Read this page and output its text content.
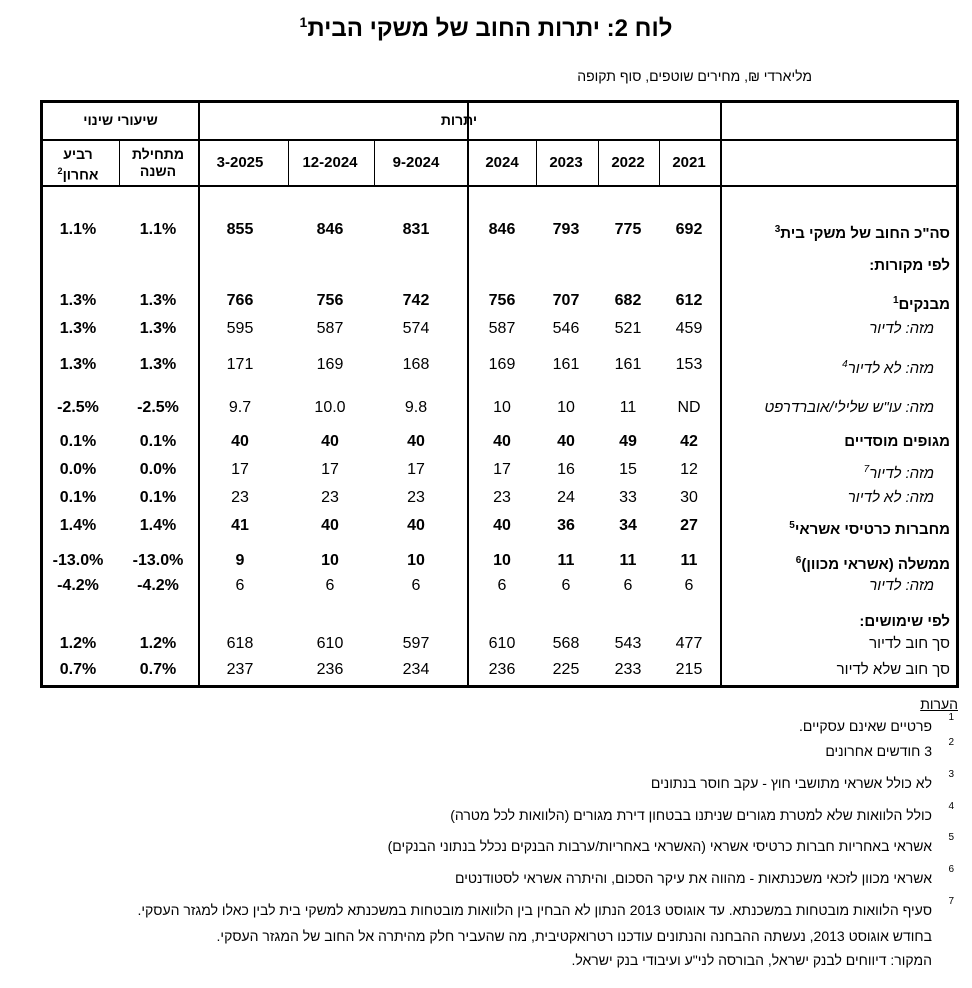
לוח 2: יתרות החוב של משקי הבית$^1$
מליארדי ₪, מחירים שוטפים, סוף תקופה
יתרות
שיעורי שינוי
2021
2022
2023
2024
9-2024
12-2024
3-2025
מתחילת השנה
רביע אחרון$^2$
סה"כ החוב של משקי בית$^3$
692
775
793
846
831
846
855
1.1%
1.1%
לפי מקורות:
מבנקים$^1$
612
682
707
756
742
756
766
1.3%
1.3%
מזה: לדיור
459
521
546
587
574
587
595
1.3%
1.3%
מזה: לא לדיור$^4$
153
161
161
169
168
169
171
1.3%
1.3%
מזה: עו"ש שלילי/אוברדרפט
ND
11
10
10
9.8
10.0
9.7
-2.5%
-2.5%
מגופים מוסדיים
42
49
40
40
40
40
40
0.1%
0.1%
מזה: לדיור$^7$
12
15
16
17
17
17
17
0.0%
0.0%
מזה: לא לדיור
30
33
24
23
23
23
23
0.1%
0.1%
מחברות כרטיסי אשראי$^5$
27
34
36
40
40
40
41
1.4%
1.4%
ממשלה (אשראי מכוון)$^6$
11
11
11
10
10
10
9
-13.0%
-13.0%
מזה: לדיור
6
6
6
6
6
6
6
-4.2%
-4.2%
לפי שימושים:
סך חוב לדיור
477
543
568
610
597
610
618
1.2%
1.2%
סך חוב שלא לדיור
215
233
225
236
234
236
237
0.7%
0.7%
הערות
1
פרטיים שאינם עסקיים.
2
3 חודשים אחרונים
3
לא כולל אשראי מתושבי חוץ - עקב חוסר בנתונים
4
כולל הלוואות שלא למטרת מגורים שניתנו בבטחון דירת מגורים (הלוואות לכל מטרה)
5
אשראי באחריות חברות כרטיסי אשראי (האשראי באחריות/ערבות הבנקים נכלל בנתוני הבנקים)
6
אשראי מכוון לזכאי משכנתאות - מהווה את עיקר הסכום, והיתרה אשראי לסטודנטים
7
סעיף הלוואות מובטחות במשכנתא. עד אוגוסט 2013 הנתון לא הבחין בין הלוואות מובטחות במשכנתא למשקי בית לבין כאלו למגזר העסקי.
בחודש אוגוסט 2013, נעשתה ההבחנה והנתונים עודכנו רטרואקטיבית, מה שהעביר חלק מהיתרה אל החוב של המגזר העסקי.
המקור: דיווחים לבנק ישראל, הבורסה לני"ע ועיבודי בנק ישראל.
